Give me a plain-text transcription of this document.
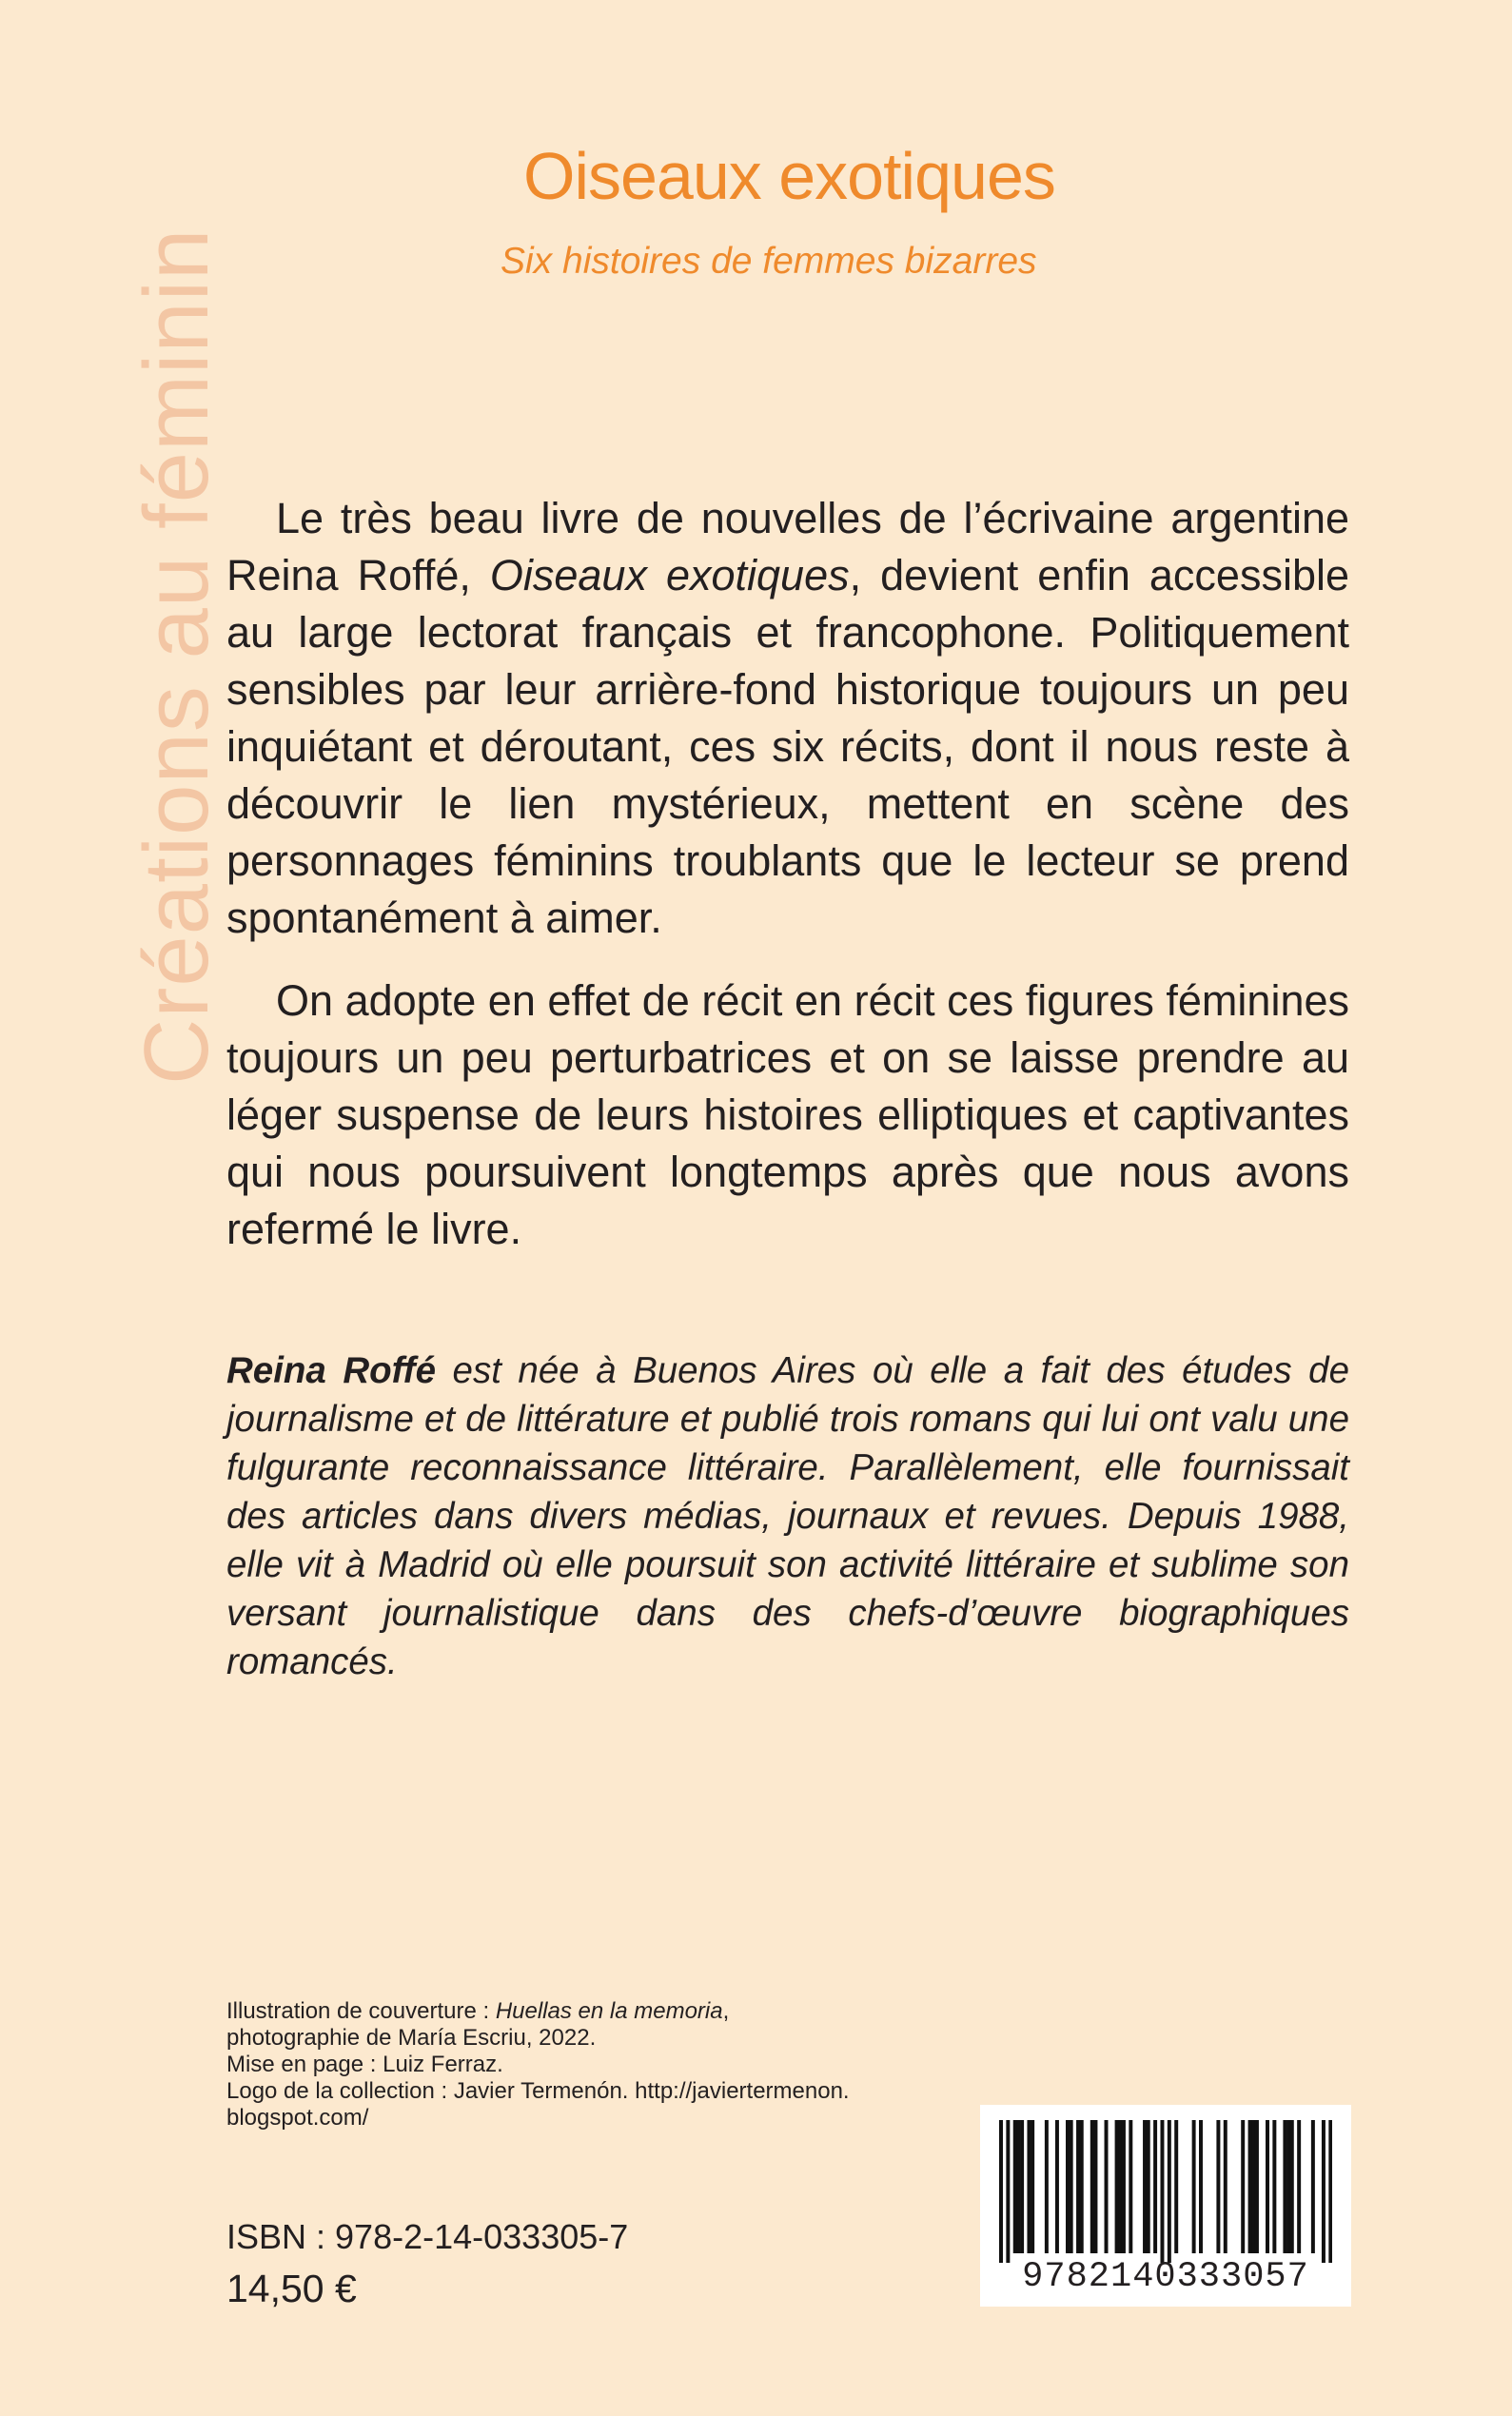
Créations au féminin
Oiseaux exotiques
Six histoires de femmes bizarres

Le très beau livre de nouvelles de l’écrivaine argentine Reina Roffé, Oiseaux exotiques, devient enfin accessible au large lectorat français et francophone. Politiquement sensibles par leur arrière-fond historique toujours un peu inquiétant et déroutant, ces six récits, dont il nous reste à découvrir le lien mystérieux, mettent en scène des personnages féminins troublants que le lecteur se prend spontanément à aimer.

On adopte en effet de récit en récit ces figures féminines toujours un peu perturbatrices et on se laisse prendre au léger suspense de leurs histoires elliptiques et captivantes qui nous poursuivent longtemps après que nous avons refermé le livre.

Reina Roffé est née à Buenos Aires où elle a fait des études de journalisme et de littérature et publié trois romans qui lui ont valu une fulgurante reconnaissance littéraire. Parallèlement, elle fournissait des articles dans divers médias, journaux et revues. Depuis 1988, elle vit à Madrid où elle poursuit son activité littéraire et sublime son versant journalistique dans des chefs-d’œuvre biographiques romancés.
Illustration de couverture : Huellas en la memoria,
photographie de María Escriu, 2022.
Mise en page : Luiz Ferraz.
Logo de la collection : Javier Termenón. http://javiertermenon.
blogspot.com/
ISBN : 978-2-14-033305-7
14,50 €	9782140333057
